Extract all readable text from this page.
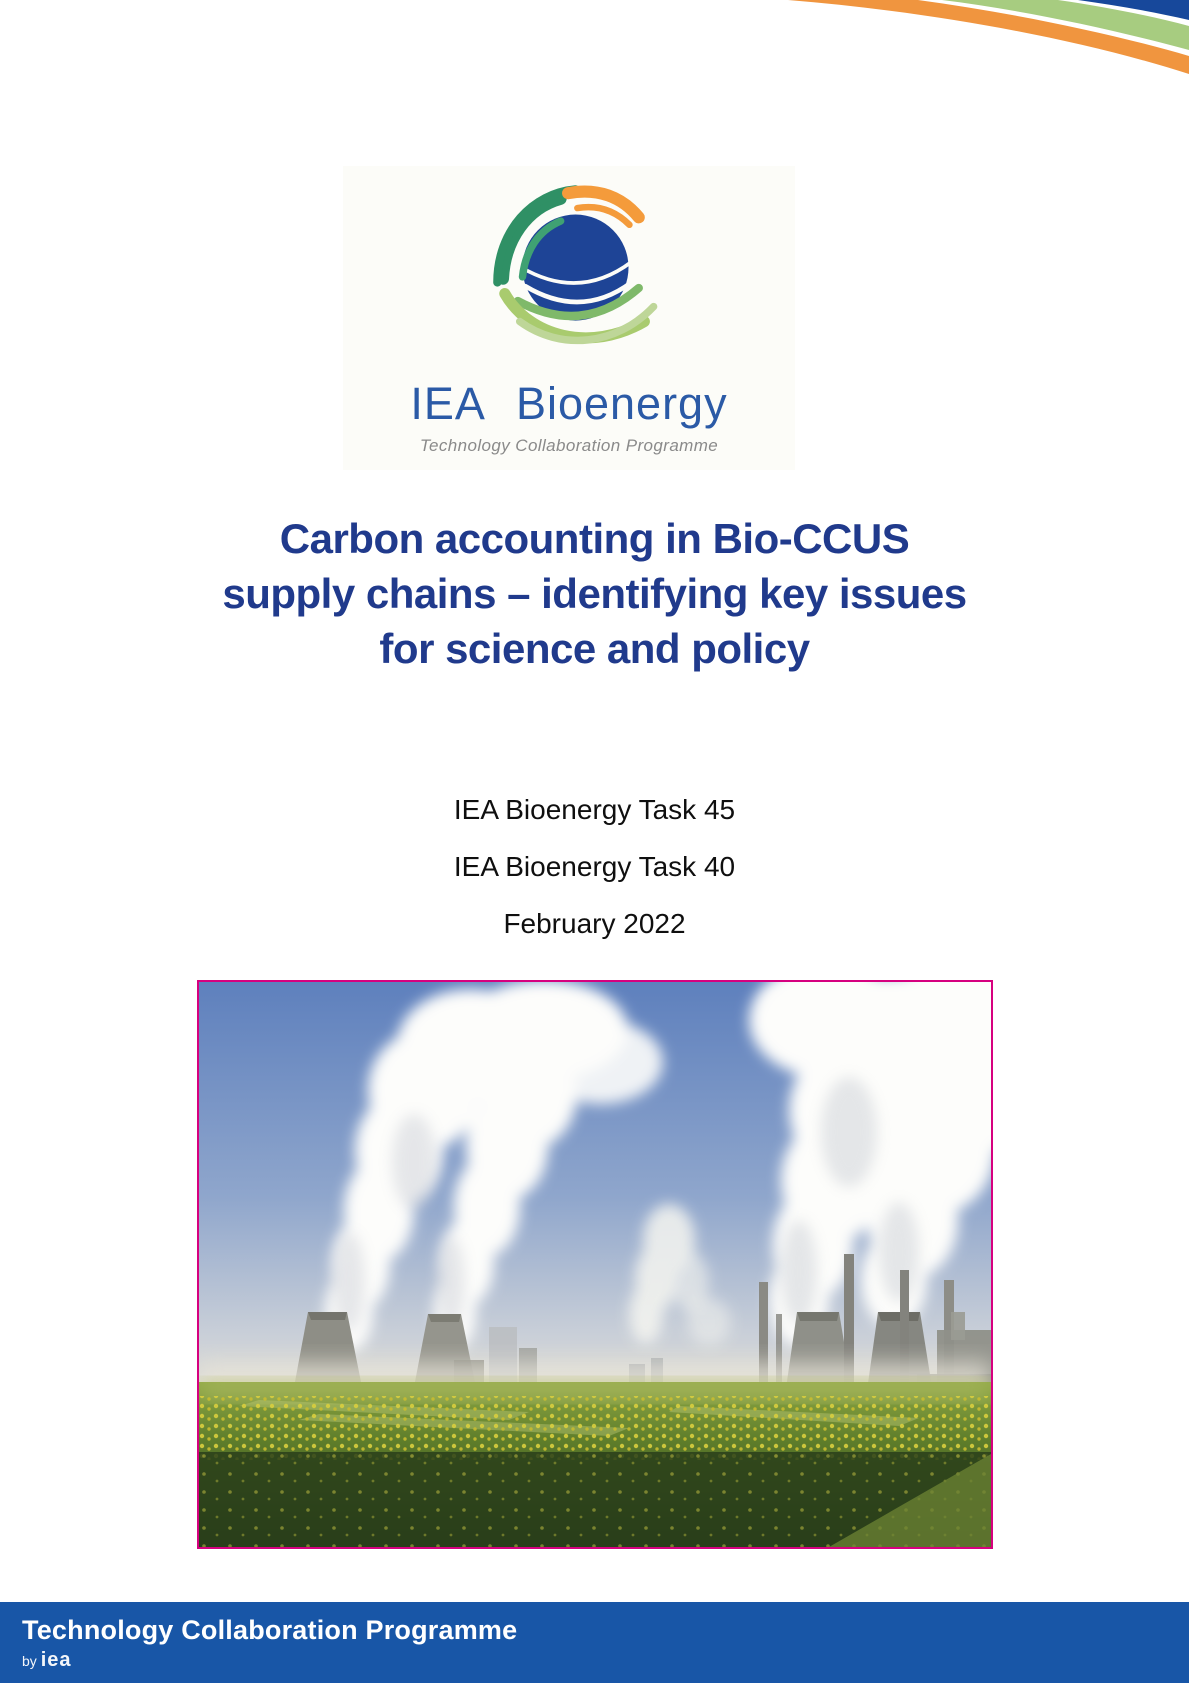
IEA Bioenergy
Technology Collaboration Programme
Carbon accounting in Bio-CCUS
supply chains – identifying key issues
for science and policy
IEA Bioenergy Task 45
IEA Bioenergy Task 40
February 2022
Technology Collaboration Programme
by iea
